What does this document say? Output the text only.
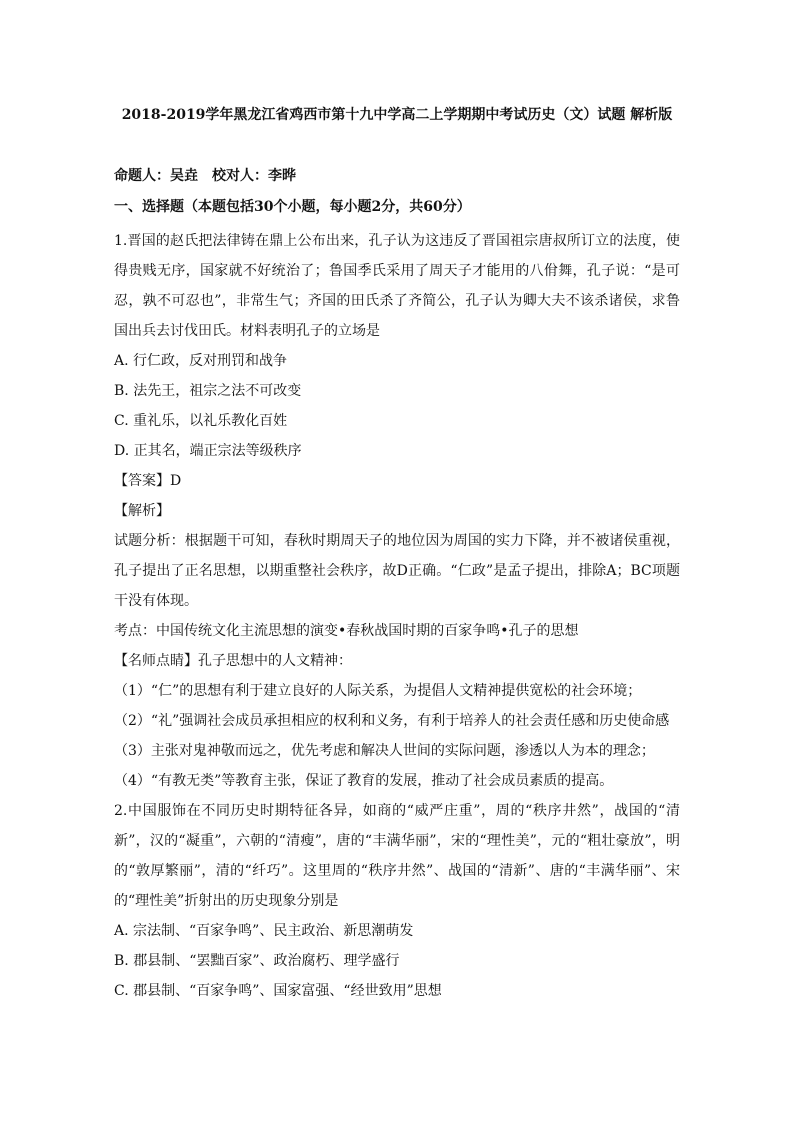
2018-2019学年黑龙江省鸡西市第十九中学高二上学期期中考试历史（文）试题 解析版
命题人：吴垚　校对人：李晔
一、选择题（本题包括30个小题，每小题2分，共60分）

1.晋国的赵氏把法律铸在鼎上公布出来，孔子认为这违反了晋国祖宗唐叔所订立的法度，使得贵贱无序，国家就不好统治了；鲁国季氏采用了周天子才能用的八佾舞，孔子说：“是可忍，孰不可忍也”，非常生气；齐国的田氏杀了齐简公，孔子认为卿大夫不该杀诸侯，求鲁国出兵去讨伐田氏。材料表明孔子的立场是

A. 行仁政，反对刑罚和战争

B. 法先王，祖宗之法不可改变

C. 重礼乐，以礼乐教化百姓

D. 正其名，端正宗法等级秩序

【答案】D

【解析】

试题分析：根据题干可知，春秋时期周天子的地位因为周国的实力下降，并不被诸侯重视，孔子提出了正名思想，以期重整社会秩序，故D正确。“仁政”是孟子提出，排除A；BC项题干没有体现。

考点：中国传统文化主流思想的演变•春秋战国时期的百家争鸣•孔子的思想

【名师点睛】孔子思想中的人文精神：

（1）“仁”的思想有利于建立良好的人际关系，为提倡人文精神提供宽松的社会环境；

（2）“礼”强调社会成员承担相应的权利和义务，有利于培养人的社会责任感和历史使命感

（3）主张对鬼神敬而远之，优先考虑和解决人世间的实际问题，渗透以人为本的理念；

（4）“有教无类”等教育主张，保证了教育的发展，推动了社会成员素质的提高。

2.中国服饰在不同历史时期特征各异，如商的“威严庄重”，周的“秩序井然”，战国的“清新”，汉的“凝重”，六朝的“清瘦”，唐的“丰满华丽”，宋的“理性美”，元的“粗壮豪放”，明的“敦厚繁丽”，清的“纤巧”。这里周的“秩序井然”、战国的“清新”、唐的“丰满华丽”、宋的“理性美”折射出的历史现象分别是

A. 宗法制、“百家争鸣”、民主政治、新思潮萌发

B. 郡县制、“罢黜百家”、政治腐朽、理学盛行

C. 郡县制、“百家争鸣”、国家富强、“经世致用”思想
